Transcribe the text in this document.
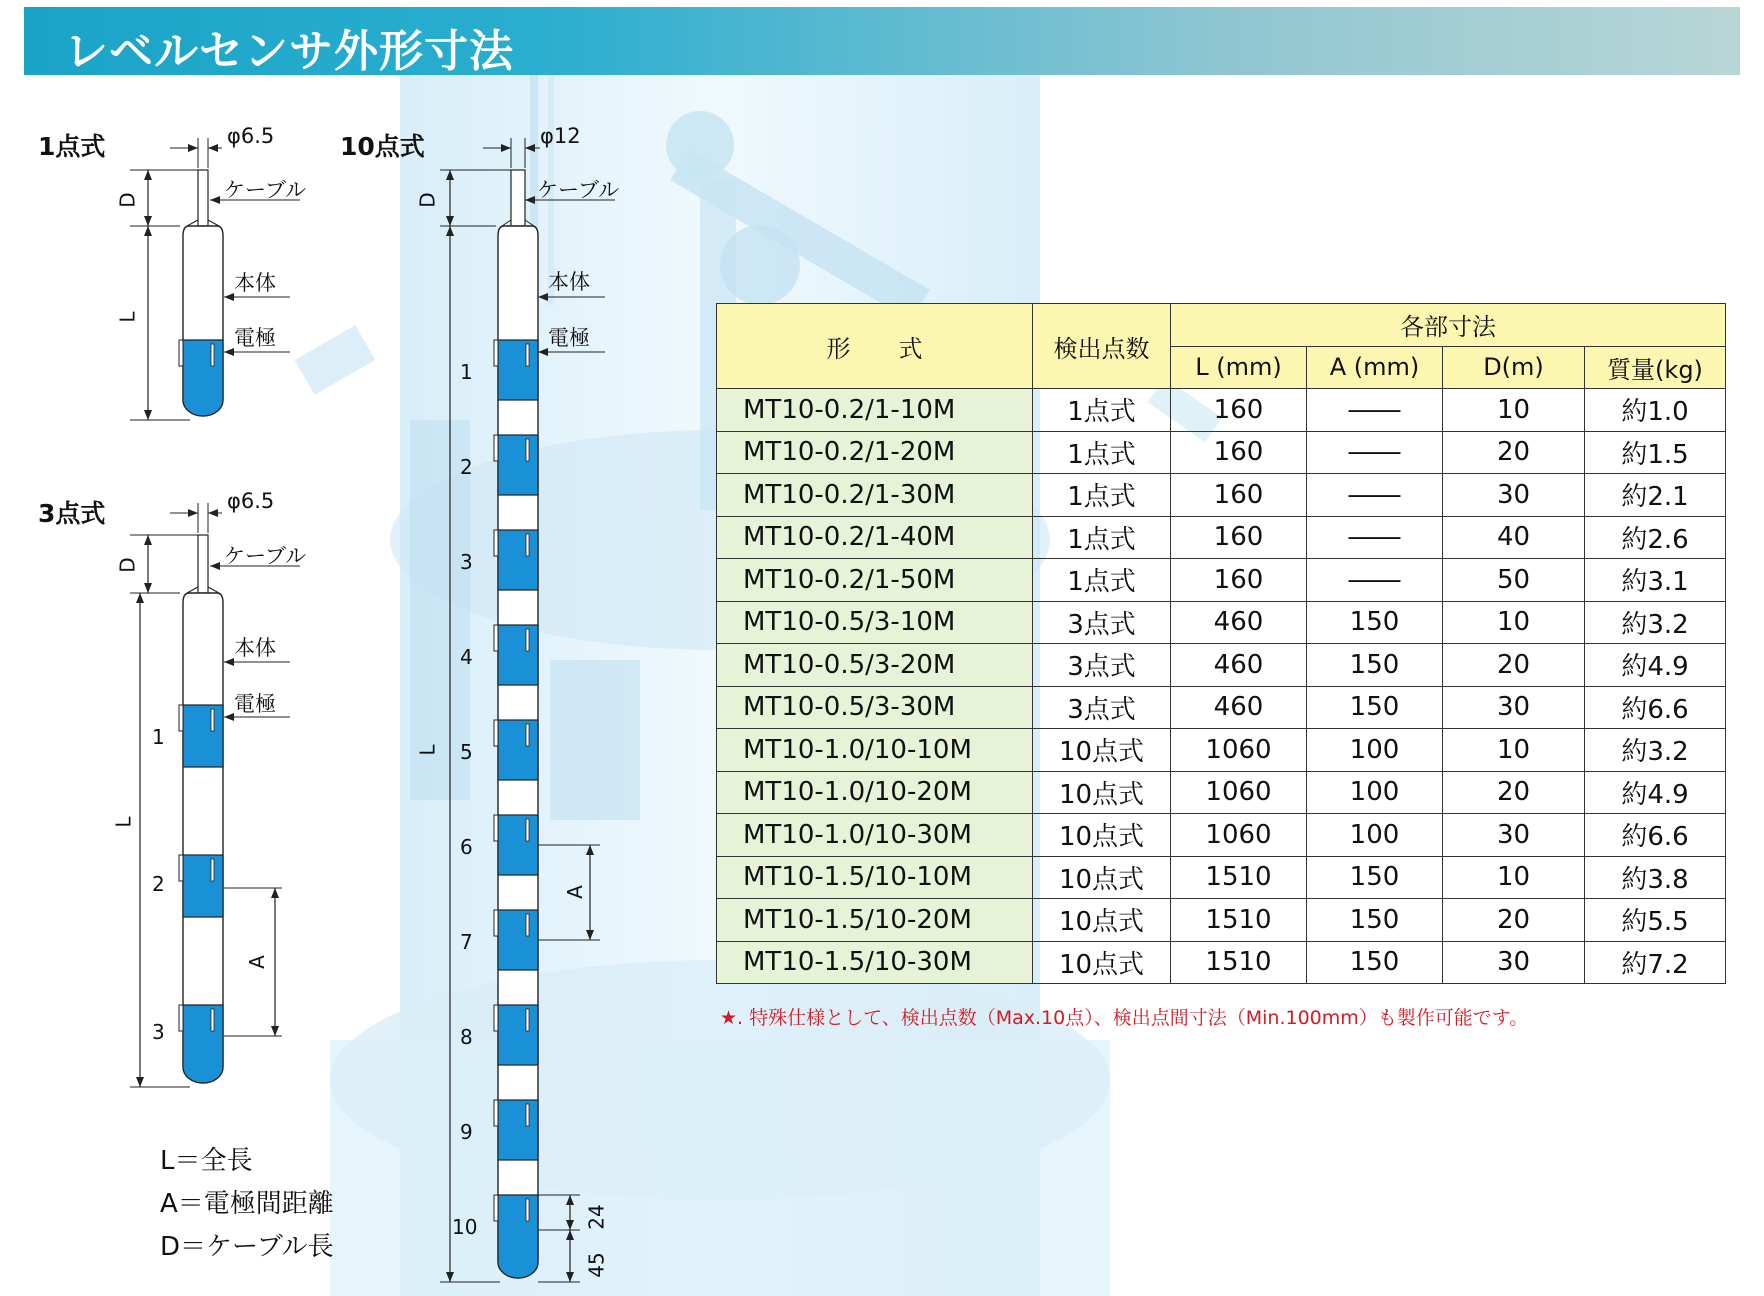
レベルセンサ外形寸法
1点式
3点式
10点式
φ6.5
ケーブル
本体
電極
D
L
φ6.5
ケーブル
本体
電極
D
L
A
1
2
3
φ12
ケーブル
本体
電極
D
L
A
24
45
1
2
3
4
5
6
7
8
9
10
L＝全長
A＝電極間距離
D＝ケーブル長
形　　式	検出点数	各部寸法			
		L (mm)	A (mm)	D(m)	質量(kg)
MT10-0.2/1-10M	1点式	160	――	10	約1.0
MT10-0.2/1-20M	1点式	160	――	20	約1.5
MT10-0.2/1-30M	1点式	160	――	30	約2.1
MT10-0.2/1-40M	1点式	160	――	40	約2.6
MT10-0.2/1-50M	1点式	160	――	50	約3.1
MT10-0.5/3-10M	3点式	460	150	10	約3.2
MT10-0.5/3-20M	3点式	460	150	20	約4.9
MT10-0.5/3-30M	3点式	460	150	30	約6.6
MT10-1.0/10-10M	10点式	1060	100	10	約3.2
MT10-1.0/10-20M	10点式	1060	100	20	約4.9
MT10-1.0/10-30M	10点式	1060	100	30	約6.6
MT10-1.5/10-10M	10点式	1510	150	10	約3.8
MT10-1.5/10-20M	10点式	1510	150	20	約5.5
MT10-1.5/10-30M	10点式	1510	150	30	約7.2
★. 特殊仕様として、検出点数（Max.10点）、検出点間寸法（Min.100mm）も製作可能です。
